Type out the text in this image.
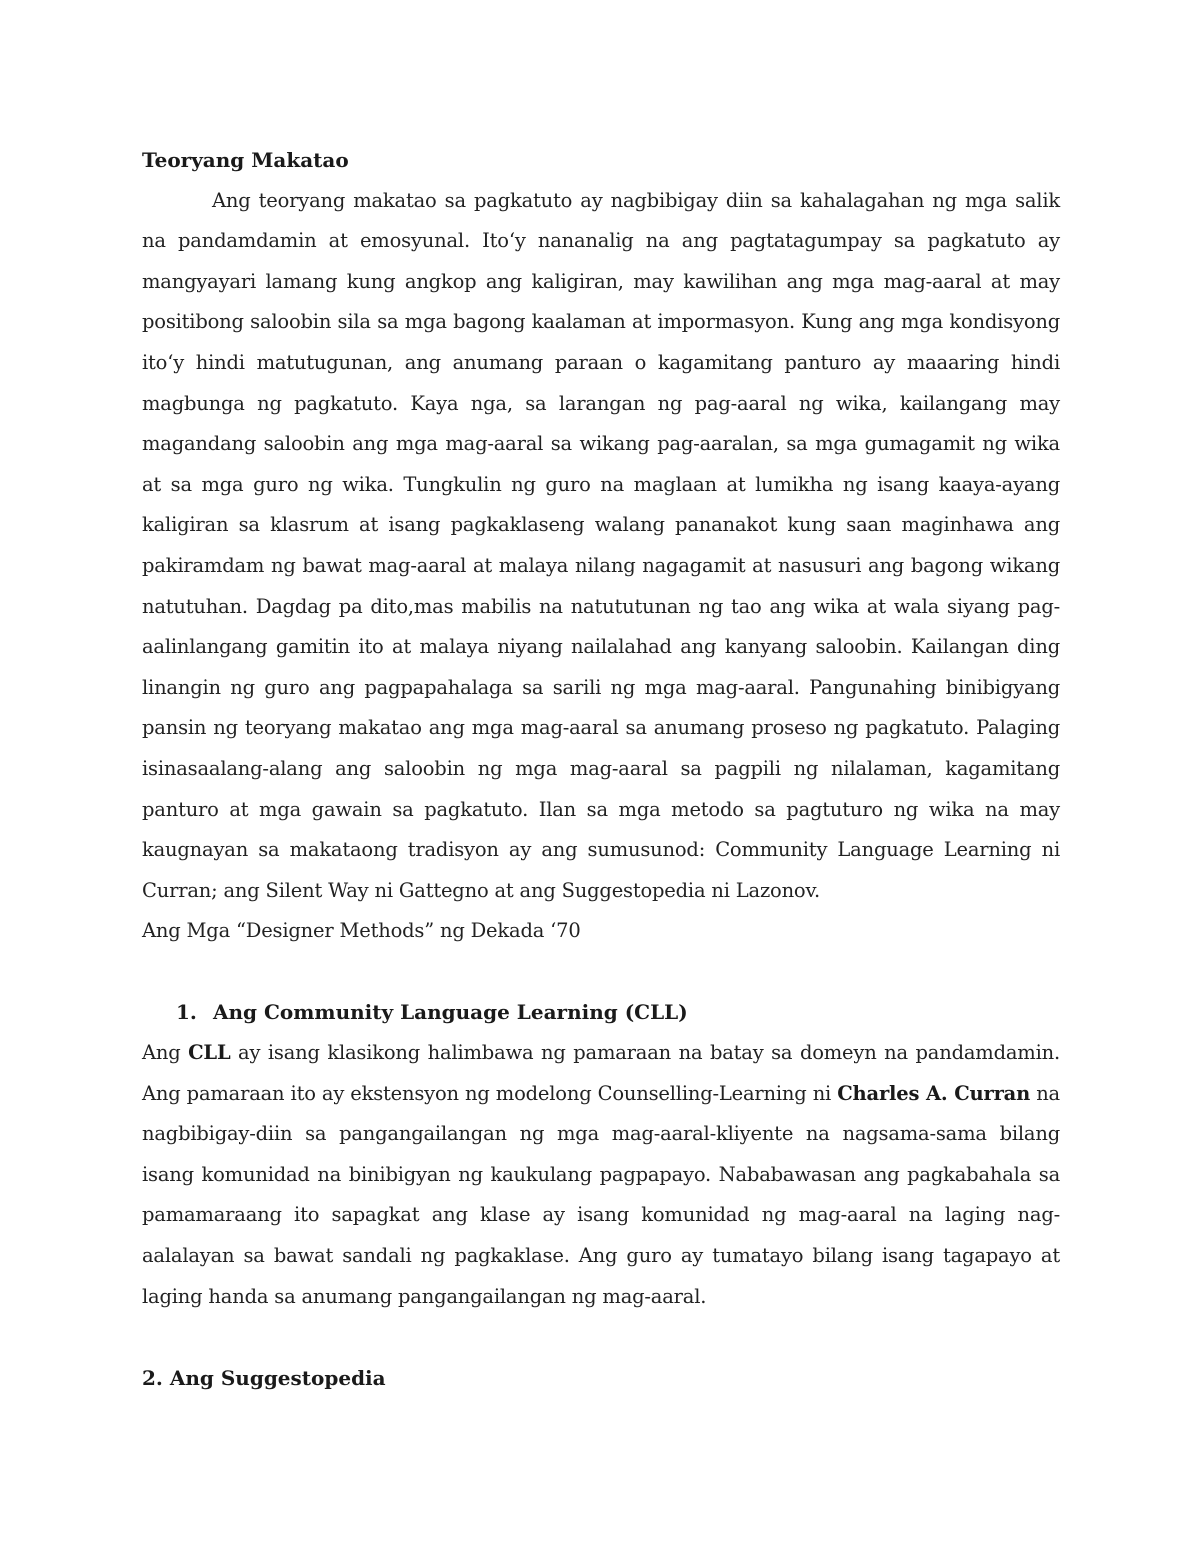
Teoryang Makatao

Ang teoryang makatao sa pagkatuto ay nagbibigay diin sa kahalagahan ng mga salik na pandamdamin at emosyunal. Ito‘y nananalig na ang pagtatagumpay sa pagkatuto ay mangyayari lamang kung angkop ang kaligiran, may kawilihan ang mga mag-aaral at may positibong saloobin sila sa mga bagong kaalaman at impormasyon. Kung ang mga kondisyong ito‘y hindi matutugunan, ang anumang paraan o kagamitang panturo ay maaaring hindi magbunga ng pagkatuto. Kaya nga, sa larangan ng pag-aaral ng wika, kailangang may magandang saloobin ang mga mag-aaral sa wikang pag-aaralan, sa mga gumagamit ng wika at sa mga guro ng wika. Tungkulin ng guro na maglaan at lumikha ng isang kaaya-ayang kaligiran sa klasrum at isang pagkaklaseng walang pananakot kung saan maginhawa ang pakiramdam ng bawat mag-aaral at malaya nilang nagagamit at nasusuri ang bagong wikang natutuhan. Dagdag pa dito,mas mabilis na natututunan ng tao ang wika at wala siyang pag-aalinlangang gamitin ito at malaya niyang nailalahad ang kanyang saloobin. Kailangan ding linangin ng guro ang pagpapahalaga sa sarili ng mga mag-aaral. Pangunahing binibigyang pansin ng teoryang makatao ang mga mag-aaral sa anumang proseso ng pagkatuto. Palaging isinasaalang-alang ang saloobin ng mga mag-aaral sa pagpili ng nilalaman, kagamitang panturo at mga gawain sa pagkatuto. Ilan sa mga metodo sa pagtuturo ng wika na may kaugnayan sa makataong tradisyon ay ang sumusunod: Community Language Learning ni Curran; ang Silent Way ni Gattegno at ang Suggestopedia ni Lazonov.

Ang Mga “Designer Methods” ng Dekada ‘70

1. Ang Community Language Learning (CLL)

Ang CLL ay isang klasikong halimbawa ng pamaraan na batay sa domeyn na pandamdamin. Ang pamaraan ito ay ekstensyon ng modelong Counselling-Learning ni Charles A. Curran na nagbibigay-diin sa pangangailangan ng mga mag-aaral-kliyente na nagsama-sama bilang isang komunidad na binibigyan ng kaukulang pagpapayo. Nababawasan ang pagkabahala sa pamamaraang ito sapagkat ang klase ay isang komunidad ng mag-aaral na laging nag-aalalayan sa bawat sandali ng pagkaklase. Ang guro ay tumatayo bilang isang tagapayo at laging handa sa anumang pangangailangan ng mag-aaral.

2. Ang Suggestopedia
